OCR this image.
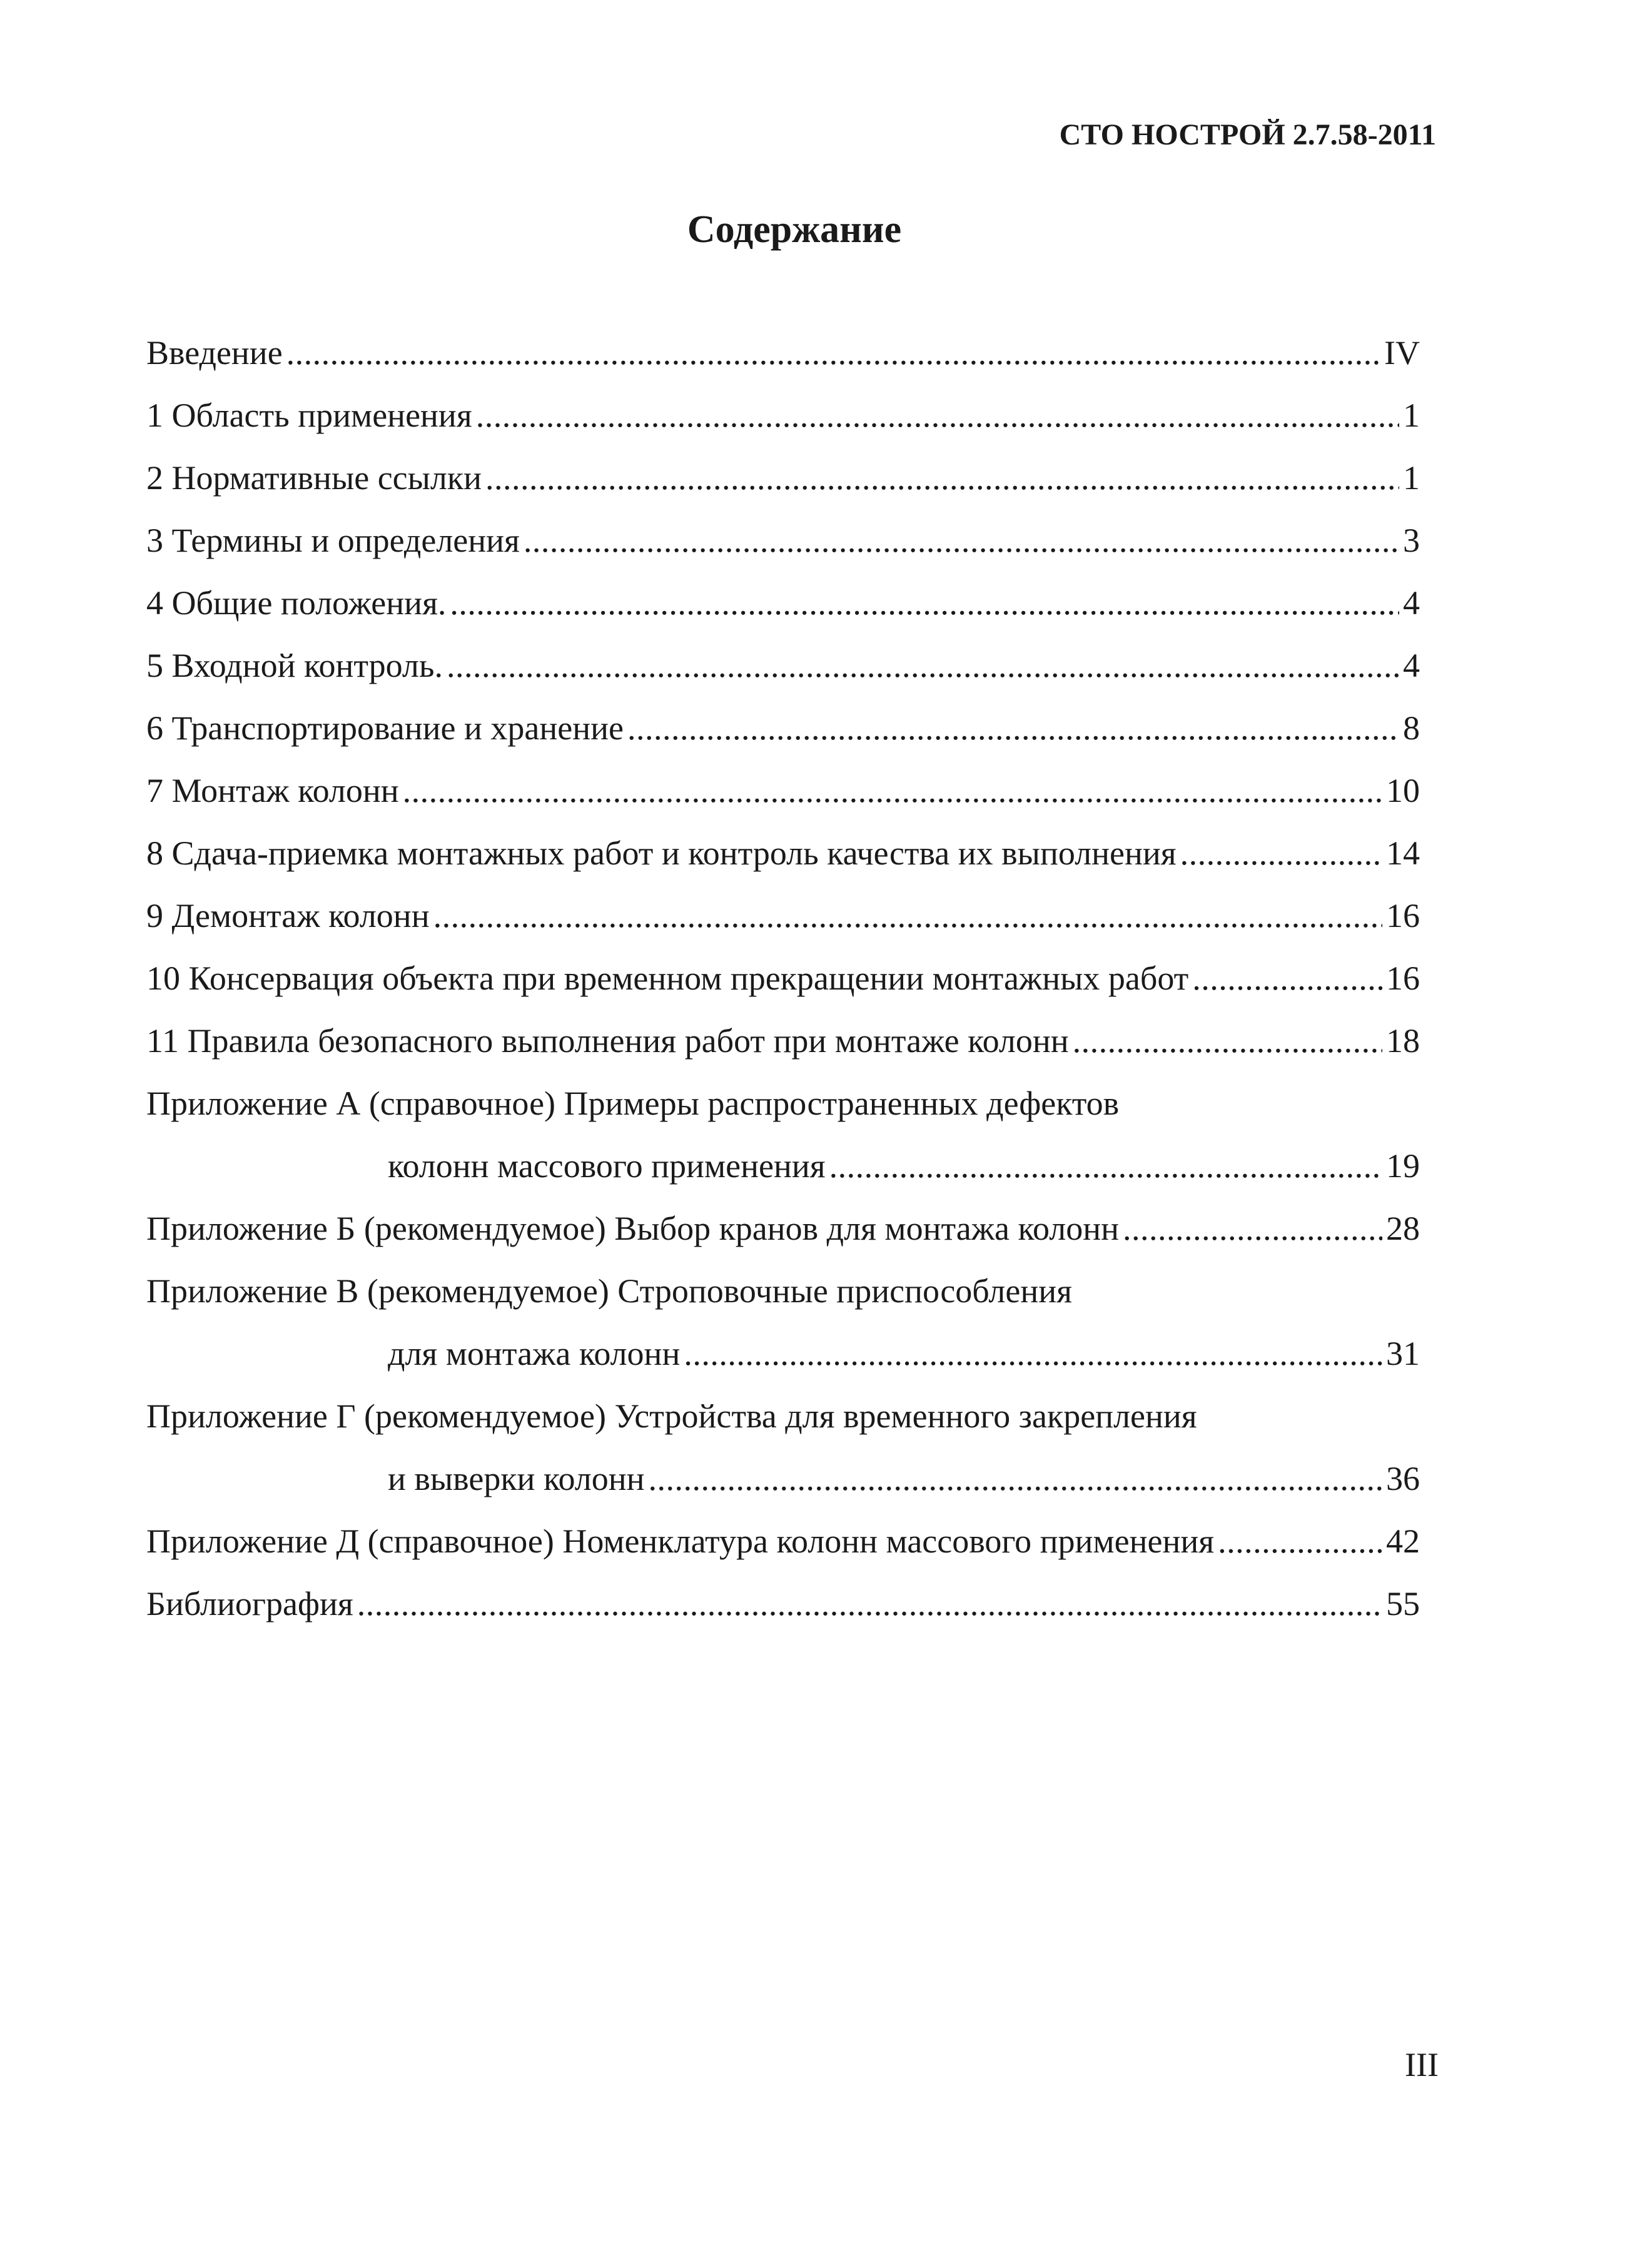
СТО НОСТРОЙ 2.7.58-2011
Содержание
Введение .....	IV
1 Область применения .....	1
2 Нормативные ссылки .....	1
3 Термины и определения .....	3
4 Общие положения. .....	4
5 Входной контроль. .....	4
6 Транспортирование и хранение .....	8
7 Монтаж колонн .....	10
8 Сдача-приемка монтажных работ и контроль качества их выполнения .....	14
9 Демонтаж колонн .....	16
10 Консервация объекта при временном прекращении монтажных работ .....	16
11 Правила безопасного выполнения работ при монтаже колонн .....	18
Приложение А (справочное) Примеры распространенных дефектов
колонн массового применения .....	19
Приложение Б (рекомендуемое) Выбор кранов для монтажа колонн .....	28
Приложение В (рекомендуемое) Строповочные приспособления
для монтажа колонн .....	31
Приложение Г (рекомендуемое) Устройства для временного закрепления
и выверки колонн .....	36
Приложение Д (справочное) Номенклатура колонн массового применения .....	42
Библиография .....	55
III
